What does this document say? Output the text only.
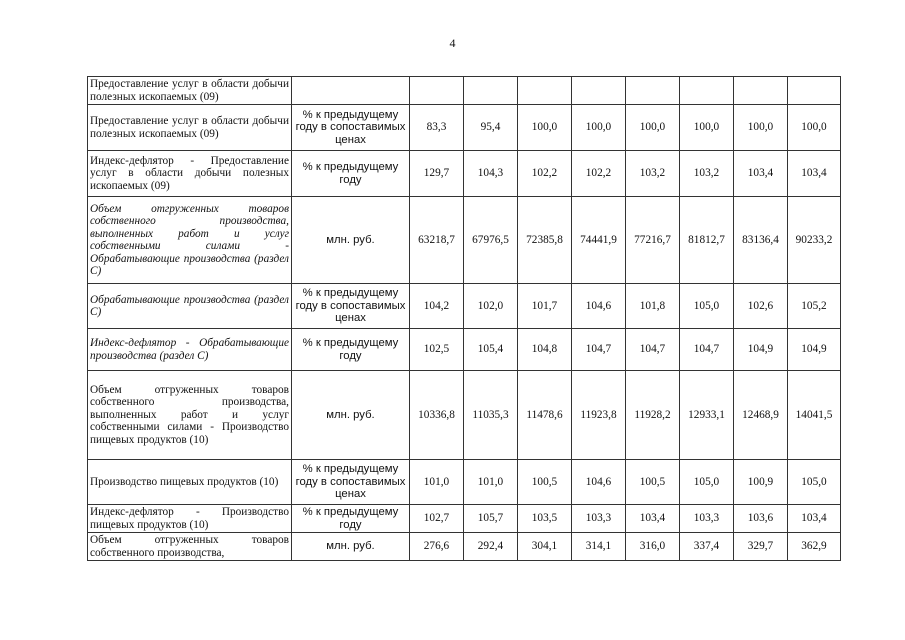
4
Предоставление услуг в области добычи полезных ископаемых (09)									
Предоставление услуг в области добычи полезных ископаемых (09)	% к предыдущему году в сопоставимых ценах	83,3	95,4	100,0	100,0	100,0	100,0	100,0	100,0
Индекс-дефлятор - Предоставление услуг в области добычи полезных ископаемых (09)	% к предыдущему году	129,7	104,3	102,2	102,2	103,2	103,2	103,4	103,4
Объем отгруженных товаров собственного производства, выполненных работ и услуг собственными силами - Обрабатывающие производства (раздел С)	млн. руб.	63218,7	67976,5	72385,8	74441,9	77216,7	81812,7	83136,4	90233,2
Обрабатывающие производства (раздел С)	% к предыдущему году в сопоставимых ценах	104,2	102,0	101,7	104,6	101,8	105,0	102,6	105,2
Индекс-дефлятор - Обрабатывающие производства (раздел С)	% к предыдущему году	102,5	105,4	104,8	104,7	104,7	104,7	104,9	104,9
Объем отгруженных товаров собственного производства, выполненных работ и услуг собственными силами - Производство пищевых продуктов (10)	млн. руб.	10336,8	11035,3	11478,6	11923,8	11928,2	12933,1	12468,9	14041,5
Производство пищевых продуктов (10)	% к предыдущему году в сопоставимых ценах	101,0	101,0	100,5	104,6	100,5	105,0	100,9	105,0
Индекс-дефлятор - Производство пищевых продуктов (10)	% к предыдущему году	102,7	105,7	103,5	103,3	103,4	103,3	103,6	103,4
Объем отгруженных товаров собственного производства,	млн. руб.	276,6	292,4	304,1	314,1	316,0	337,4	329,7	362,9
